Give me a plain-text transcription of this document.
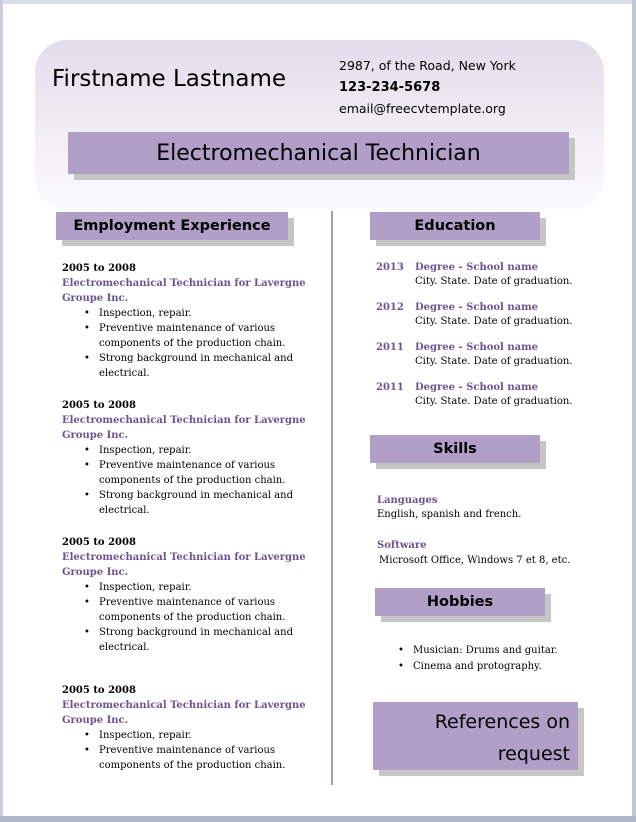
Firstname Lastname
2987, of the Road, New York
123-234-5678
email@freecvtemplate.org
Electromechanical Technician
Employment Experience	Education
Skills
Hobbies
2005 to 2008
Electromechanical Technician for Lavergne Groupe Inc.
• Inspection, repair.
• Preventive maintenance of various components of the production chain.
• Strong background in mechanical and electrical.
2005 to 2008
Electromechanical Technician for Lavergne Groupe Inc.
• Inspection, repair.
• Preventive maintenance of various components of the production chain.
• Strong background in mechanical and electrical.
2005 to 2008
Electromechanical Technician for Lavergne Groupe Inc.
• Inspection, repair.
• Preventive maintenance of various components of the production chain.
• Strong background in mechanical and electrical.
2005 to 2008
Electromechanical Technician for Lavergne Groupe Inc.
• Inspection, repair.
• Preventive maintenance of various components of the production chain.
2013 Degree - School name
City. State. Date of graduation.
2012 Degree - School name
City. State. Date of graduation.
2011 Degree - School name
City. State. Date of graduation.
2011 Degree - School name
City. State. Date of graduation.
Languages
English, spanish and french.
Software
Microsoft Office, Windows 7 et 8, etc.
• Musician: Drums and guitar.
• Cinema and protography.
References on
request
